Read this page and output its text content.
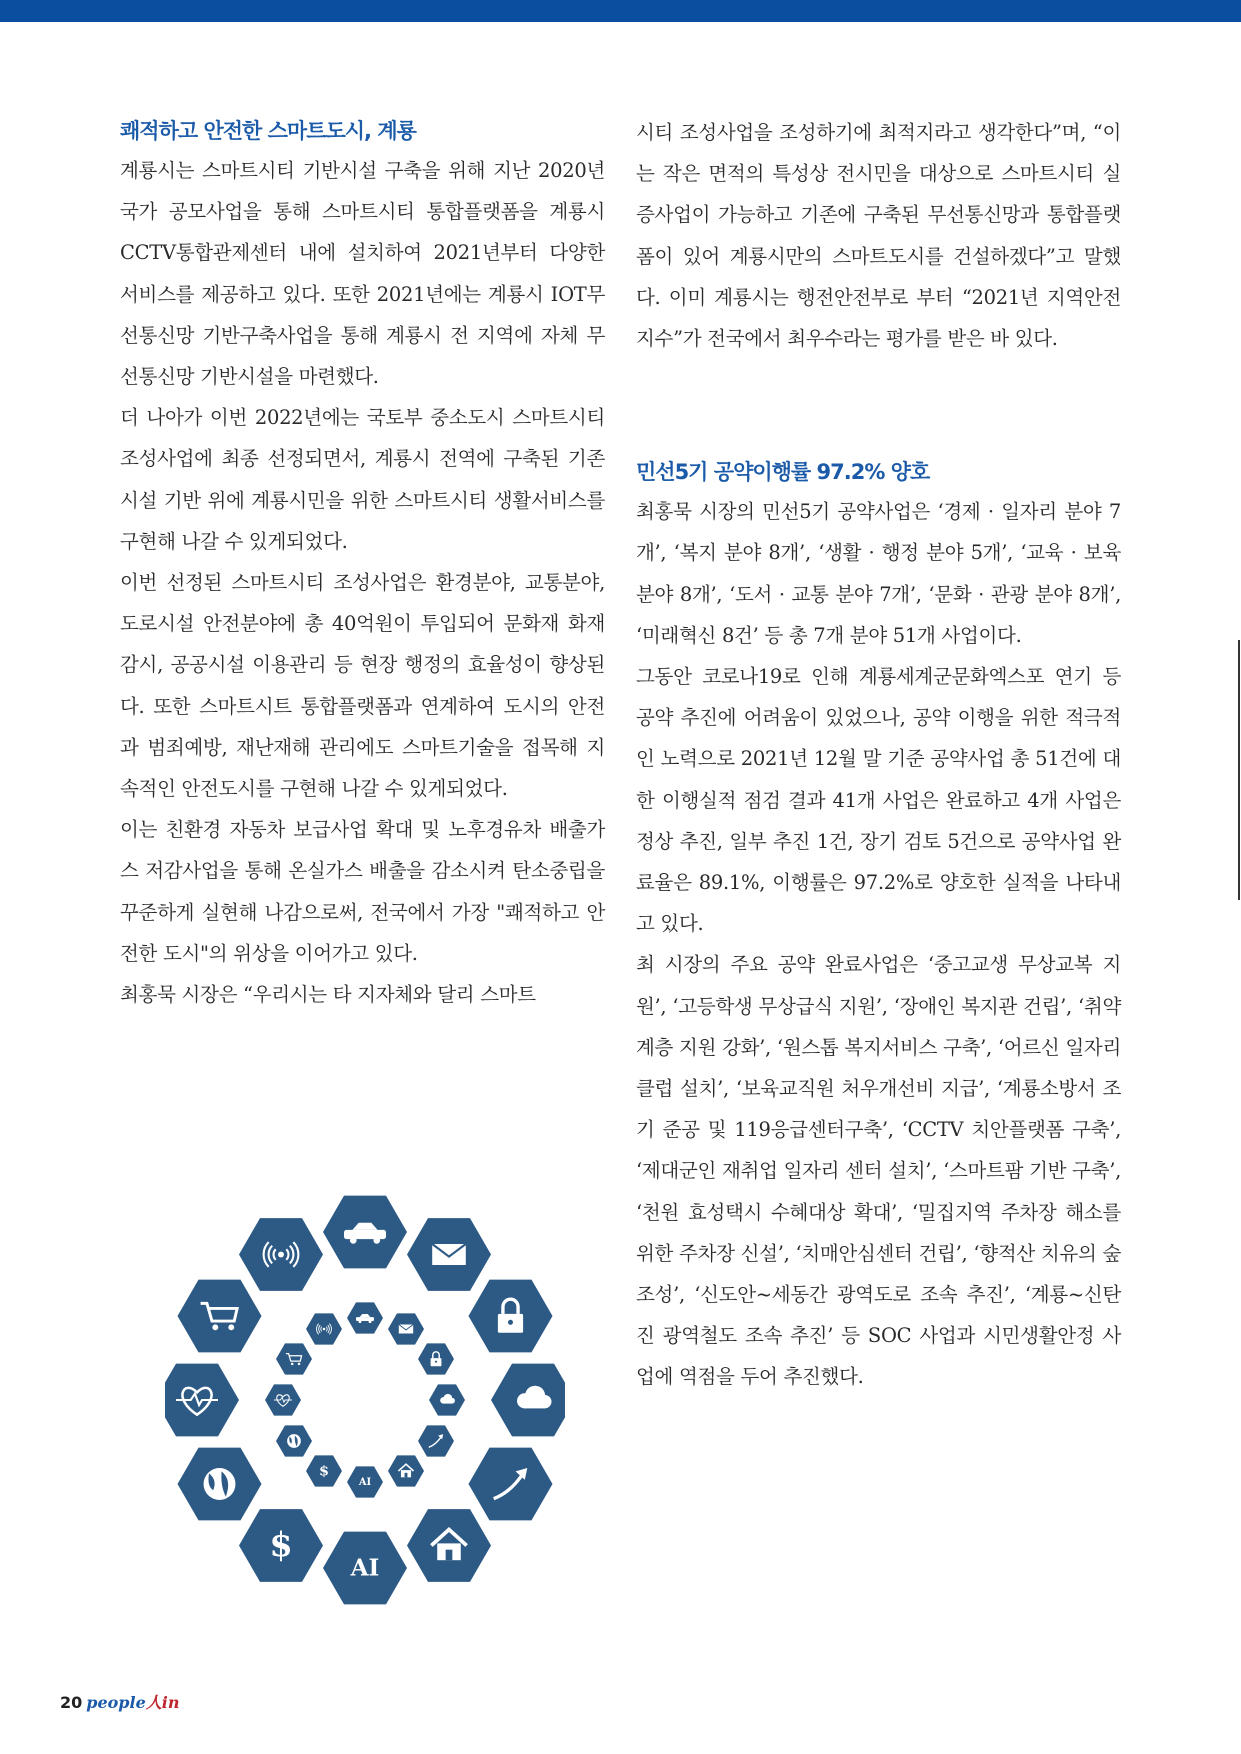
쾌적하고 안전한 스마트도시, 계룡

계룡시는 스마트시티 기반시설 구축을 위해 지난 2020년 국가 공모사업을 통해 스마트시티 통합플랫폼을 계룡시 CCTV통합관제센터 내에 설치하여 2021년부터 다양한 서비스를 제공하고 있다. 또한 2021년에는 계룡시 IOT무선통신망 기반구축사업을 통해 계룡시 전 지역에 자체 무선통신망 기반시설을 마련했다.

더 나아가 이번 2022년에는 국토부 중소도시 스마트시티 조성사업에 최종 선정되면서, 계룡시 전역에 구축된 기존시설 기반 위에 계룡시민을 위한 스마트시티 생활서비스를 구현해 나갈 수 있게되었다.

이번 선정된 스마트시티 조성사업은 환경분야, 교통분야, 도로시설 안전분야에 총 40억원이 투입되어 문화재 화재감시, 공공시설 이용관리 등 현장 행정의 효율성이 향상된다. 또한 스마트시트 통합플랫폼과 연계하여 도시의 안전과 범죄예방, 재난재해 관리에도 스마트기술을 접목해 지속적인 안전도시를 구현해 나갈 수 있게되었다.

이는 친환경 자동차 보급사업 확대 및 노후경유차 배출가스 저감사업을 통해 온실가스 배출을 감소시켜 탄소중립을 꾸준하게 실현해 나감으로써, 전국에서 가장 "쾌적하고 안전한 도시"의 위상을 이어가고 있다.

최홍묵 시장은 “우리시는 타 지자체와 달리 스마트

시티 조성사업을 조성하기에 최적지라고 생각한다”며, “이는 작은 면적의 특성상 전시민을 대상으로 스마트시티 실증사업이 가능하고 기존에 구축된 무선통신망과 통합플랫폼이 있어 계룡시만의 스마트도시를 건설하겠다”고 말했다. 이미 계룡시는 행전안전부로 부터 “2021년 지역안전지수”가 전국에서 최우수라는 평가를 받은 바 있다.

민선5기 공약이행률 97.2% 양호

최홍묵 시장의 민선5기 공약사업은 ‘경제 · 일자리 분야 7개’, ‘복지 분야 8개’, ‘생활 · 행정 분야 5개’, ‘교육 · 보육 분야 8개’, ‘도서 · 교통 분야 7개’, ‘문화 · 관광 분야 8개’, ‘미래혁신 8건’ 등 총 7개 분야 51개 사업이다.

그동안 코로나19로 인해 계룡세계군문화엑스포 연기 등 공약 추진에 어려움이 있었으나, 공약 이행을 위한 적극적인 노력으로 2021년 12월 말 기준 공약사업 총 51건에 대한 이행실적 점검 결과 41개 사업은 완료하고 4개 사업은 정상 추진, 일부 추진 1건, 장기 검토 5건으로 공약사업 완료율은 89.1%, 이행률은 97.2%로 양호한 실적을 나타내고 있다.

최 시장의 주요 공약 완료사업은 ‘중고교생 무상교복 지원’, ‘고등학생 무상급식 지원’, ‘장애인 복지관 건립’, ‘취약계층 지원 강화’, ‘원스톱 복지서비스 구축’, ‘어르신 일자리클럽 설치’, ‘보육교직원 처우개선비 지급’, ‘계룡소방서 조기 준공 및 119응급센터구축’, ‘CCTV 치안플랫폼 구축’, ‘제대군인 재취업 일자리 센터 설치’, ‘스마트팜 기반 구축’, ‘천원 효성택시 수혜대상 확대’, ‘밀집지역 주차장 해소를 위한 주차장 신설’, ‘치매안심센터 건립’, ‘향적산 치유의 숲 조성’, ‘신도안~세동간 광역도로 조속 추진’, ‘계룡~신탄진 광역철도 조속 추진’ 등 SOC 사업과 시민생활안정 사업에 역점을 두어 추진했다.

AI
$
AI
$
20 people人in
